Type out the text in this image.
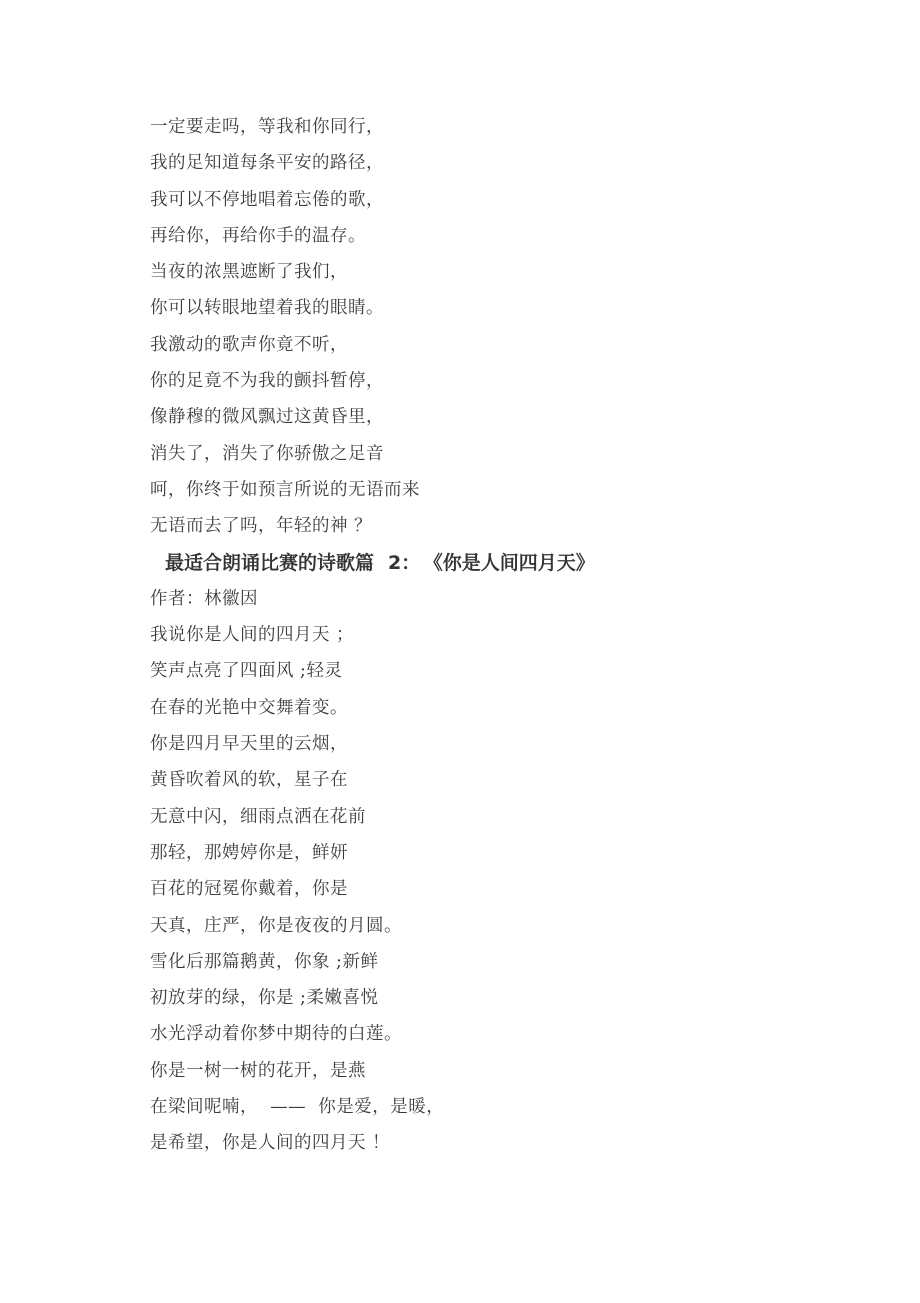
一定要走吗，等我和你同行，
我的足知道每条平安的路径，
我可以不停地唱着忘倦的歌，
再给你，再给你手的温存。
当夜的浓黑遮断了我们，
你可以转眼地望着我的眼睛。
我激动的歌声你竟不听，
你的足竟不为我的颤抖暂停，
像静穆的微风飘过这黄昏里，
消失了，消失了你骄傲之足音
呵，你终于如预言所说的无语而来
无语而去了吗，年轻的神 ？
最适合朗诵比赛的诗歌篇 2： 《你是人间四月天》
作者：林徽因
我说你是人间的四月天 ；
笑声点亮了四面风 ;轻灵
在春的光艳中交舞着变。
你是四月早天里的云烟，
黄昏吹着风的软，星子在
无意中闪，细雨点洒在花前
那轻，那娉婷你是，鲜妍
百花的冠冕你戴着，你是
天真，庄严，你是夜夜的月圆。
雪化后那篇鹅黄，你象 ;新鲜
初放芽的绿，你是 ;柔嫩喜悦
水光浮动着你梦中期待的白莲。
你是一树一树的花开，是燕
在梁间呢喃，  ——  你是爱，是暖，
是希望，你是人间的四月天 ！
